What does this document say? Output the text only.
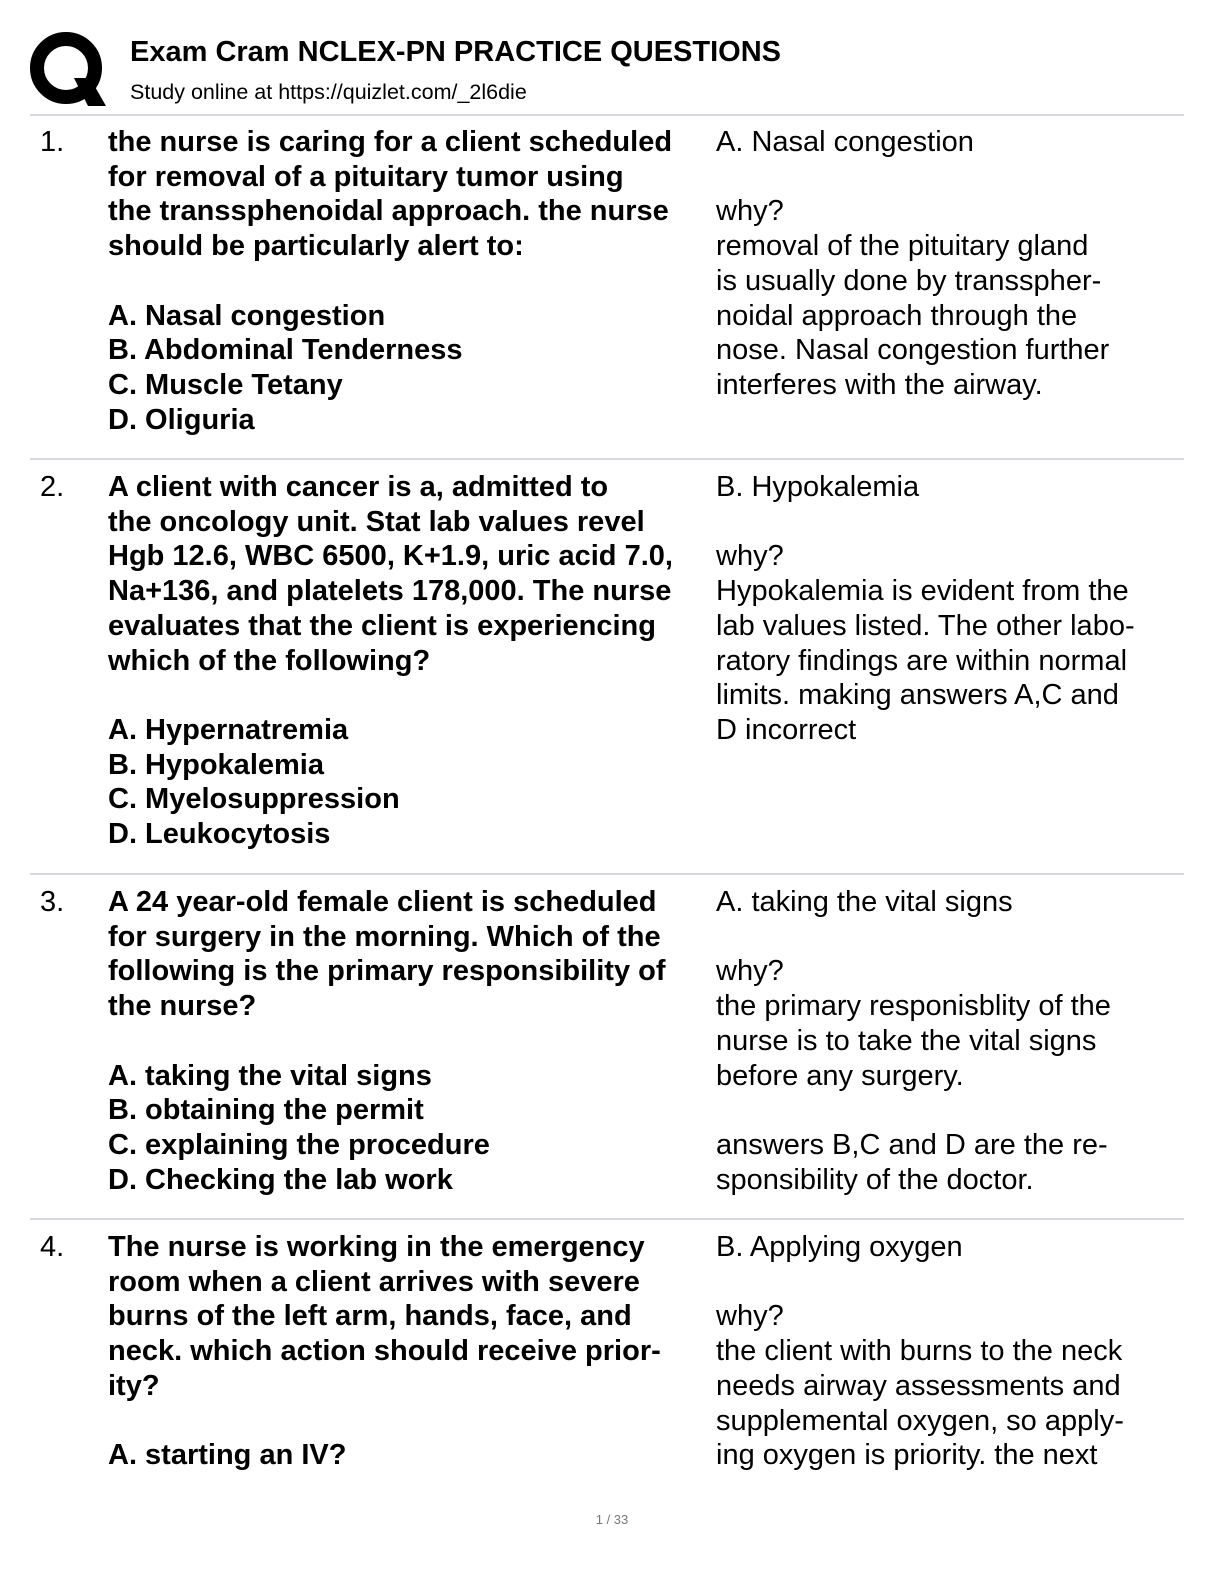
Exam Cram NCLEX-PN PRACTICE QUESTIONS
Study online at https://quizlet.com/_2l6die
1. the nurse is caring for a client scheduled
for removal of a pituitary tumor using
the transsphenoidal approach. the nurse
should be particularly alert to:
A. Nasal congestion
B. Abdominal Tenderness
C. Muscle Tetany
D. Oliguria
A. Nasal congestion
why?
removal of the pituitary gland
is usually done by transspher-
noidal approach through the
nose. Nasal congestion further
interferes with the airway.
2. A client with cancer is a, admitted to
the oncology unit. Stat lab values revel
Hgb 12.6, WBC 6500, K+1.9, uric acid 7.0,
Na+136, and platelets 178,000. The nurse
evaluates that the client is experiencing
which of the following?
A. Hypernatremia
B. Hypokalemia
C. Myelosuppression
D. Leukocytosis
B. Hypokalemia
why?
Hypokalemia is evident from the
lab values listed. The other labo-
ratory findings are within normal
limits. making answers A,C and
D incorrect
3. A 24 year-old female client is scheduled
for surgery in the morning. Which of the
following is the primary responsibility of
the nurse?
A. taking the vital signs
B. obtaining the permit
C. explaining the procedure
D. Checking the lab work
A. taking the vital signs
why?
the primary responisblity of the
nurse is to take the vital signs
before any surgery.
answers B,C and D are the re-
sponsibility of the doctor.
4. The nurse is working in the emergency
room when a client arrives with severe
burns of the left arm, hands, face, and
neck. which action should receive prior-
ity?
A. starting an IV?
B. Applying oxygen
why?
the client with burns to the neck
needs airway assessments and
supplemental oxygen, so apply-
ing oxygen is priority. the next
1 / 33
